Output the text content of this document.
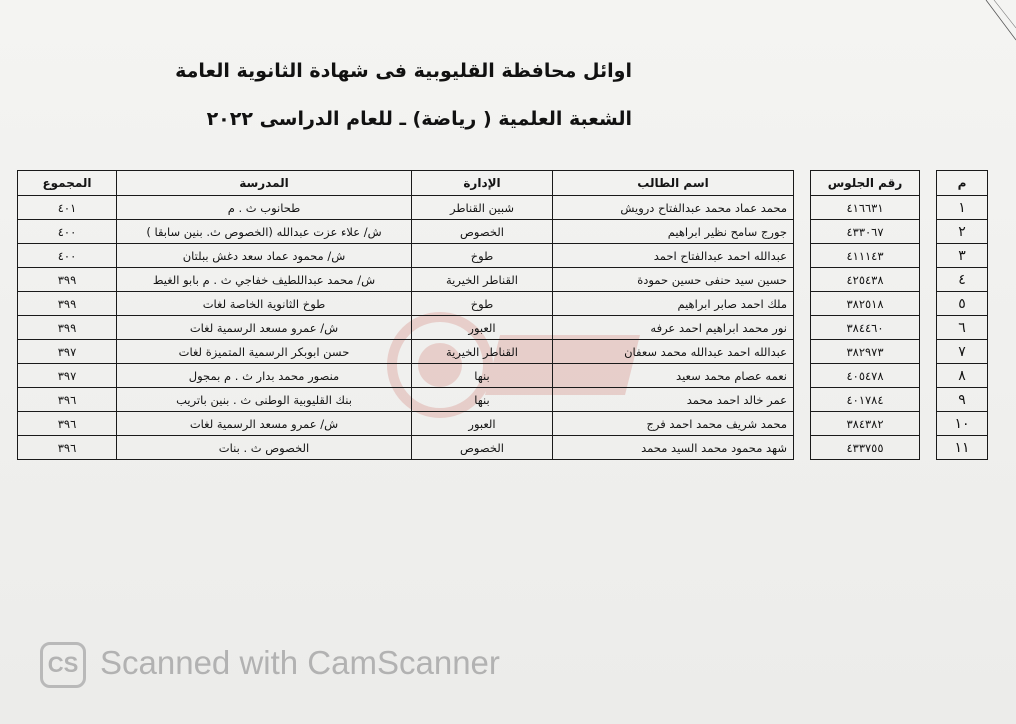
اوائل محافظة القليوبية فى شهادة الثانوية العامة
الشعبة العلمية ( رياضة) ـ للعام الدراسى ٢٠٢٢
م		رقم الجلوس		اسم الطالب	الإدارة	المدرسة	المجموع
١		٤١٦٦٣١		محمد عماد محمد عبدالفتاح درويش	شبين القناطر	طحانوب ث . م	٤٠١
٢		٤٣٣٠٦٧		جورج سامح نظير ابراهيم	الخصوص	ش/ علاء عزت عبدالله (الخصوص ث. بنين سابقا )	٤٠٠
٣		٤١١١٤٣		عبدالله احمد عبدالفتاح احمد	طوخ	ش/ محمود عماد سعد دغش ببلتان	٤٠٠
٤		٤٢٥٤٣٨		حسين سيد حنفى حسين حمودة	القناطر الخيرية	ش/ محمد عبداللطيف خفاجي ث . م بابو الغيط	٣٩٩
٥		٣٨٢٥١٨		ملك احمد صابر ابراهيم	طوخ	طوخ الثانوية الخاصة لغات	٣٩٩
٦		٣٨٤٤٦٠		نور محمد ابراهيم احمد عرفه	العبور	ش/ عمرو مسعد الرسمية لغات	٣٩٩
٧		٣٨٢٩٧٣		عبدالله احمد عبدالله محمد سعفان	القناطر الخيرية	حسن ابوبكر الرسمية المتميزة لغات	٣٩٧
٨		٤٠٥٤٧٨		نعمه عصام محمد سعيد	بنها	منصور محمد بدار ث . م بمجول	٣٩٧
٩		٤٠١٧٨٤		عمر خالد احمد محمد	بنها	بنك القليوبية الوطنى ث . بنين باتريب	٣٩٦
١٠		٣٨٤٣٨٢		محمد شريف محمد احمد فرج	العبور	ش/ عمرو مسعد الرسمية لغات	٣٩٦
١١		٤٣٣٧٥٥		شهد محمود محمد السيد محمد	الخصوص	الخصوص ث . بنات	٣٩٦
CS Scanned with CamScanner
